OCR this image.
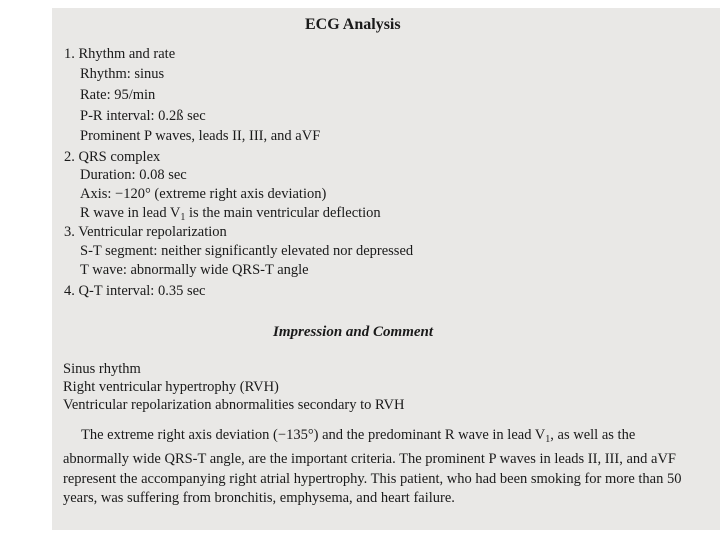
ECG Analysis
1. Rhythm and rate
Rhythm: sinus
Rate: 95/min
P-R interval: 0.2ß sec
Prominent P waves, leads II, III, and aVF
2. QRS complex
Duration: 0.08 sec
Axis: −120° (extreme right axis deviation)
R wave in lead $V_1$ is the main ventricular deflection
3. Ventricular repolarization
S-T segment: neither significantly elevated nor depressed
T wave: abnormally wide QRS-T angle
4. Q-T interval: 0.35 sec
Impression and Comment
Sinus rhythm
Right ventricular hypertrophy (RVH)
Ventricular repolarization abnormalities secondary to RVH

The extreme right axis deviation (−135°) and the predominant R wave in lead $V_1$, as well as the abnormally wide QRS-T angle, are the important criteria. The prominent P waves in leads II, III, and aVF represent the accompanying right atrial hypertrophy. This patient, who had been smoking for more than 50 years, was suffering from bronchitis, emphysema, and heart failure.
